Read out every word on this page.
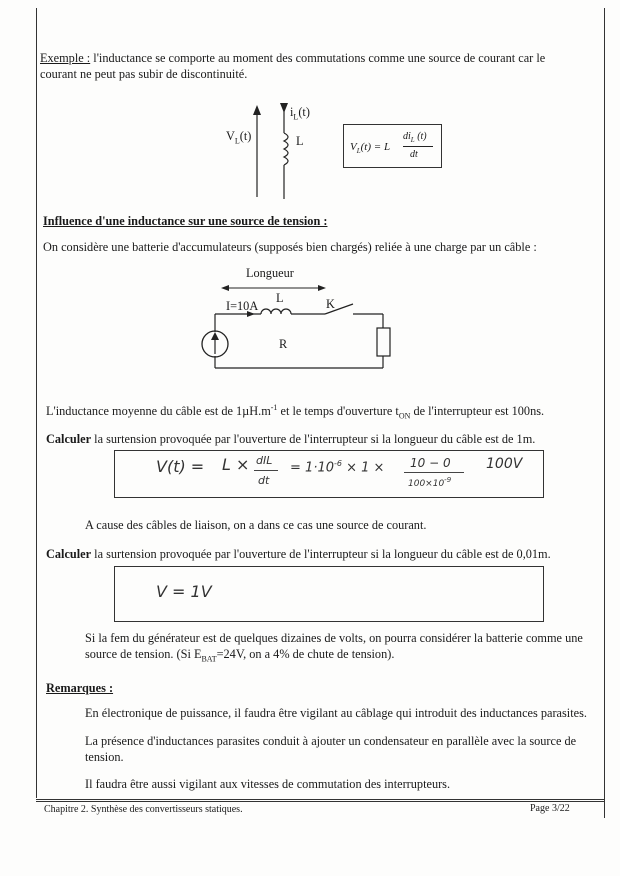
Exemple : l'inductance se comporte au moment des commutations comme une source de courant car le
courant ne peut pas subir de discontinuité.
$V_L(t)$
$i_L(t)$
L	$V_L(t) = L$
$di_L$ (t)
dt
Influence d'une inductance sur une source de tension :
On considère une batterie d'accumulateurs (supposés bien chargés) reliée à une charge par un câble :
Longueur
I=10A
L	K
R
L'inductance moyenne du câble est de $1\mu H.m^{-1}$ et le temps d'ouverture $t_{ON}$ de l'interrupteur est 100ns.
Calculer la surtension provoquée par l'ouverture de l'interrupteur si la longueur du câble est de 1m.
V(t) = L × dIL
dt
= $1\cdot 10^{-6} \times 1 \times 10 - 0$
$100\times 10^{-9}$
100V
A cause des câbles de liaison, on a dans ce cas une source de courant.
Calculer la surtension provoquée par l'ouverture de l'interrupteur si la longueur du câble est de 0,01m.
V = 1V
Si la fem du générateur est de quelques dizaines de volts, on pourra considérer la batterie comme une
source de tension. (Si $E_{BAT}=24V$, on a 4% de chute de tension).
Remarques :
En électronique de puissance, il faudra être vigilant au câblage qui introduit des inductances parasites.
La présence d'inductances parasites conduit à ajouter un condensateur en parallèle avec la source de
tension.
Il faudra être aussi vigilant aux vitesses de commutation des interrupteurs.
Chapitre 2. Synthèse des convertisseurs statiques.	Page 3/22
